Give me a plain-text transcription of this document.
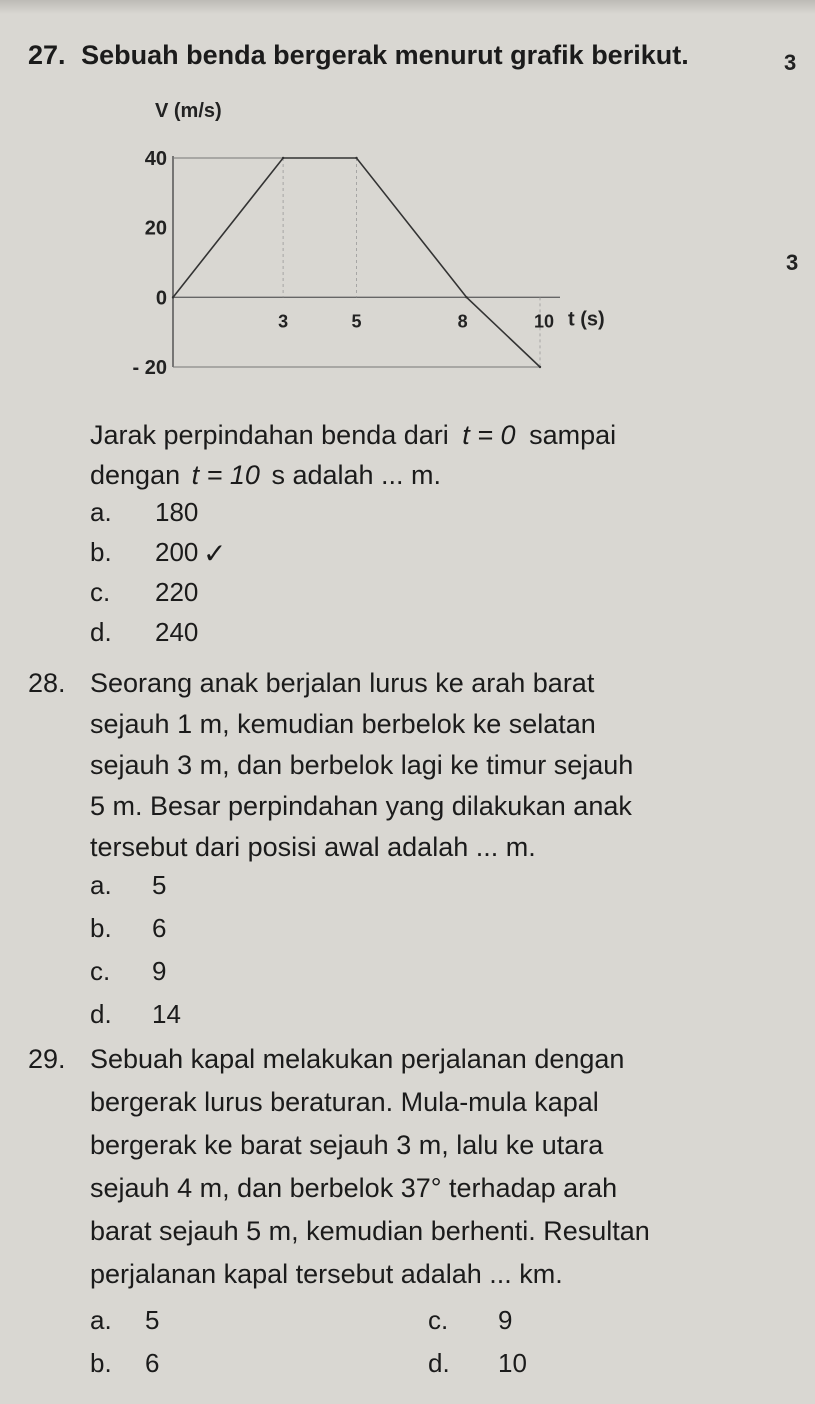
27. Sebuah benda bergerak menurut grafik berikut.	3
3
40
20
0
- 20
3	5	8	10
V (m/s)
t (s)
Jarak perpindahan benda dari t = 0 sampai
dengan t = 10 s adalah ... m.
a. 180
b. 200 ✓
c. 220
d. 240
28. Seorang anak berjalan lurus ke arah barat
sejauh 1 m, kemudian berbelok ke selatan
sejauh 3 m, dan berbelok lagi ke timur sejauh
5 m. Besar perpindahan yang dilakukan anak
tersebut dari posisi awal adalah ... m.
a. 5
b. 6
c. 9
d. 14
29. Sebuah kapal melakukan perjalanan dengan
bergerak lurus beraturan. Mula-mula kapal
bergerak ke barat sejauh 3 m, lalu ke utara
sejauh 4 m, dan berbelok 37° terhadap arah
barat sejauh 5 m, kemudian berhenti. Resultan
perjalanan kapal tersebut adalah ... km.
a. 5
b. 6
c. 9
d. 10
